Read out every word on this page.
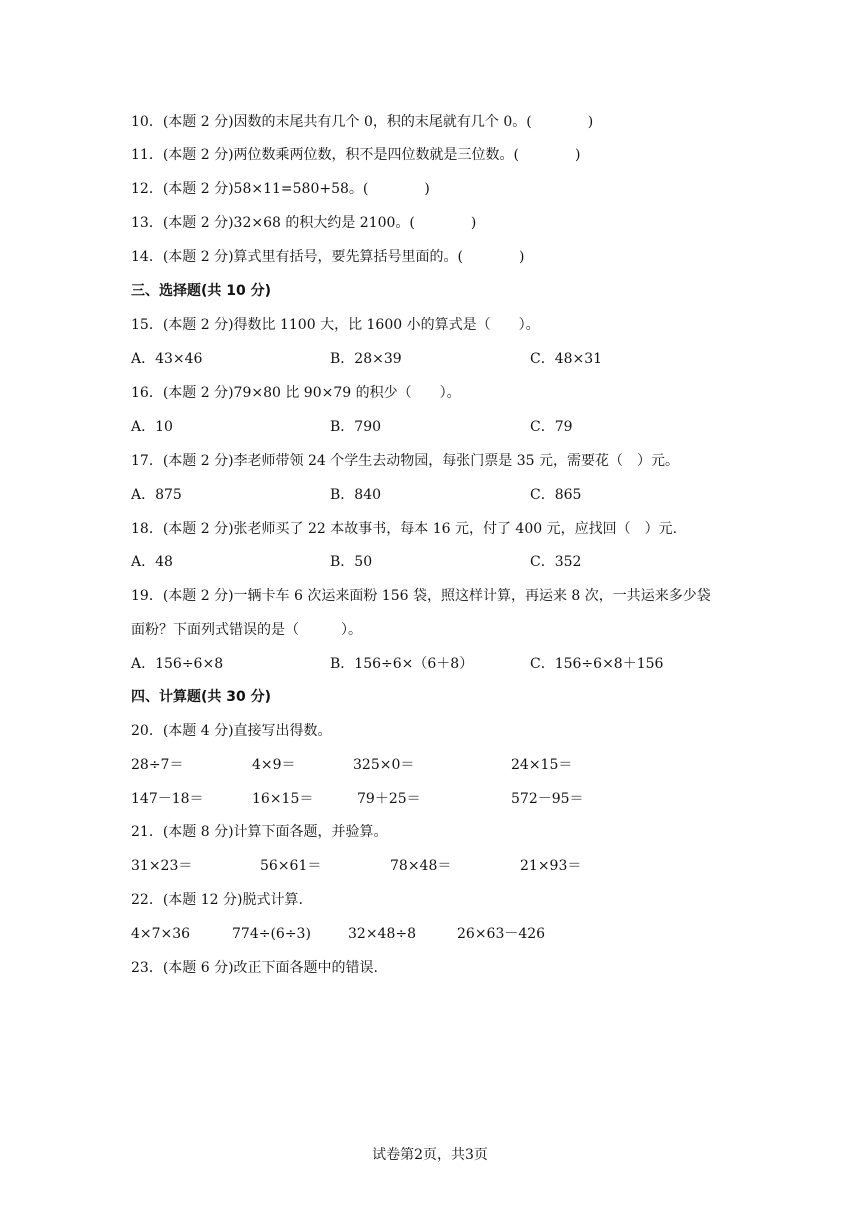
10．(本题 2 分)因数的末尾共有几个 0，积的末尾就有几个 0。(　　　　)
11．(本题 2 分)两位数乘两位数，积不是四位数就是三位数。(　　　　)
12．(本题 2 分)58×11=580+58。(　　　　)
13．(本题 2 分)32×68 的积大约是 2100。(　　　　)
14．(本题 2 分)算式里有括号，要先算括号里面的。(　　　　)
三、选择题(共 10 分)
15．(本题 2 分)得数比 1100 大，比 1600 小的算式是（　　）。
A．43×46	B．28×39	C．48×31
16．(本题 2 分)79×80 比 90×79 的积少（　　）。
A．10	B．790	C．79
17．(本题 2 分)李老师带领 24 个学生去动物园，每张门票是 35 元，需要花（　）元。
A．875	B．840	C．865
18．(本题 2 分)张老师买了 22 本故事书，每本 16 元，付了 400 元，应找回（　）元.
A．48	B．50	C．352
19．(本题 2 分)一辆卡车 6 次运来面粉 156 袋，照这样计算，再运来 8 次，一共运来多少袋
面粉？下面列式错误的是（　　　）。
A．156÷6×8	B．156÷6×（6＋8）	C．156÷6×8＋156
四、计算题(共 30 分)
20．(本题 4 分)直接写出得数。
28÷7＝	4×9＝	325×0＝	24×15＝
147－18＝	16×15＝	79＋25＝	572－95＝
21．(本题 8 分)计算下面各题，并验算。
31×23＝	56×61＝	78×48＝	21×93＝
22．(本题 12 分)脱式计算.
4×7×36	774÷(6÷3)	32×48÷8	26×63－426
23．(本题 6 分)改正下面各题中的错误.
试卷第2页，共3页
